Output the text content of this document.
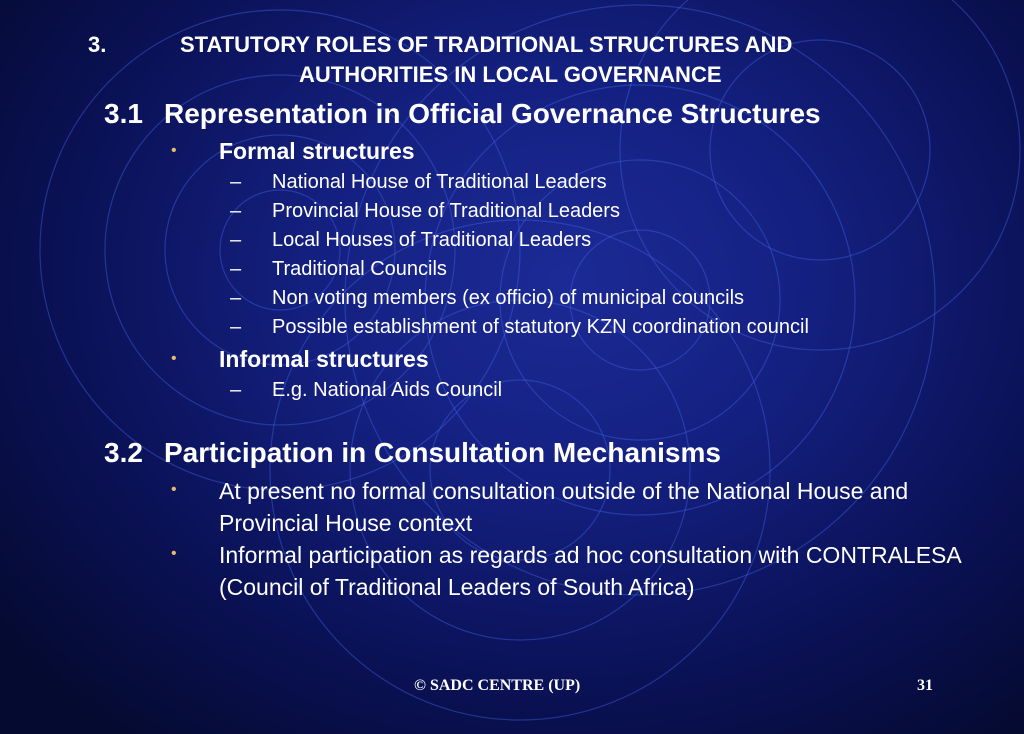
3.	STATUTORY ROLES OF TRADITIONAL STRUCTURES AND
AUTHORITIES IN LOCAL GOVERNANCE
3.1 Representation in Official Governance Structures
• Formal structures
– National House of Traditional Leaders
– Provincial House of Traditional Leaders
– Local Houses of Traditional Leaders
– Traditional Councils
– Non voting members (ex officio) of municipal councils
– Possible establishment of statutory KZN coordination council
• Informal structures
– E.g. National Aids Council
3.2 Participation in Consultation Mechanisms
• At present no formal consultation outside of the National House and Provincial House context
• Informal participation as regards ad hoc consultation with CONTRALESA (Council of Traditional Leaders of South Africa)
© SADC CENTRE (UP)	31
